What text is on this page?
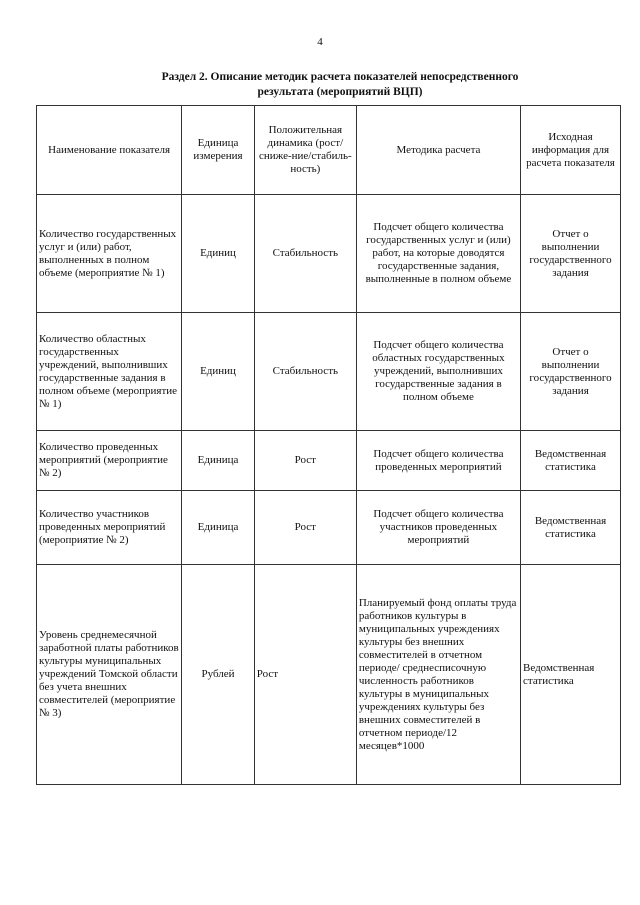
4
Раздел 2. Описание методик расчета показателей непосредственного
результата (мероприятий ВЦП)
Наименование показателя	Единица измерения	Положительная динамика (рост/сниже-ние/стабиль-ность)	Методика расчета	Исходная информация для расчета показателя
Количество государственных услуг и (или) работ, выполненных в полном объеме (мероприятие № 1)	Единиц	Стабильность	Подсчет общего количества государственных услуг и (или) работ, на которые доводятся государственные задания, выполненные в полном объеме	Отчет о выполнении государственного задания
Количество областных государственных учреждений, выполнивших государственные задания в полном объеме (мероприятие № 1)	Единиц	Стабильность	Подсчет общего количества областных государственных учреждений, выполнивших государственные задания в полном объеме	Отчет о выполнении государственного задания
Количество проведенных мероприятий (мероприятие № 2)	Единица	Рост	Подсчет общего количества проведенных мероприятий	Ведомственная статистика
Количество участников проведенных мероприятий (мероприятие № 2)	Единица	Рост	Подсчет общего количества участников проведенных мероприятий	Ведомственная статистика
Уровень среднемесячной заработной платы работников культуры муниципальных учреждений Томской области без учета внешних совместителей (мероприятие № 3)	Рублей	Рост	Планируемый фонд оплаты труда работников культуры в муниципальных учреждениях культуры без внешних совместителей в отчетном периоде/ среднесписочную численность работников культуры в муниципальных учреждениях культуры без внешних совместителей в отчетном периоде/12 месяцев*1000	Ведомственная статистика
